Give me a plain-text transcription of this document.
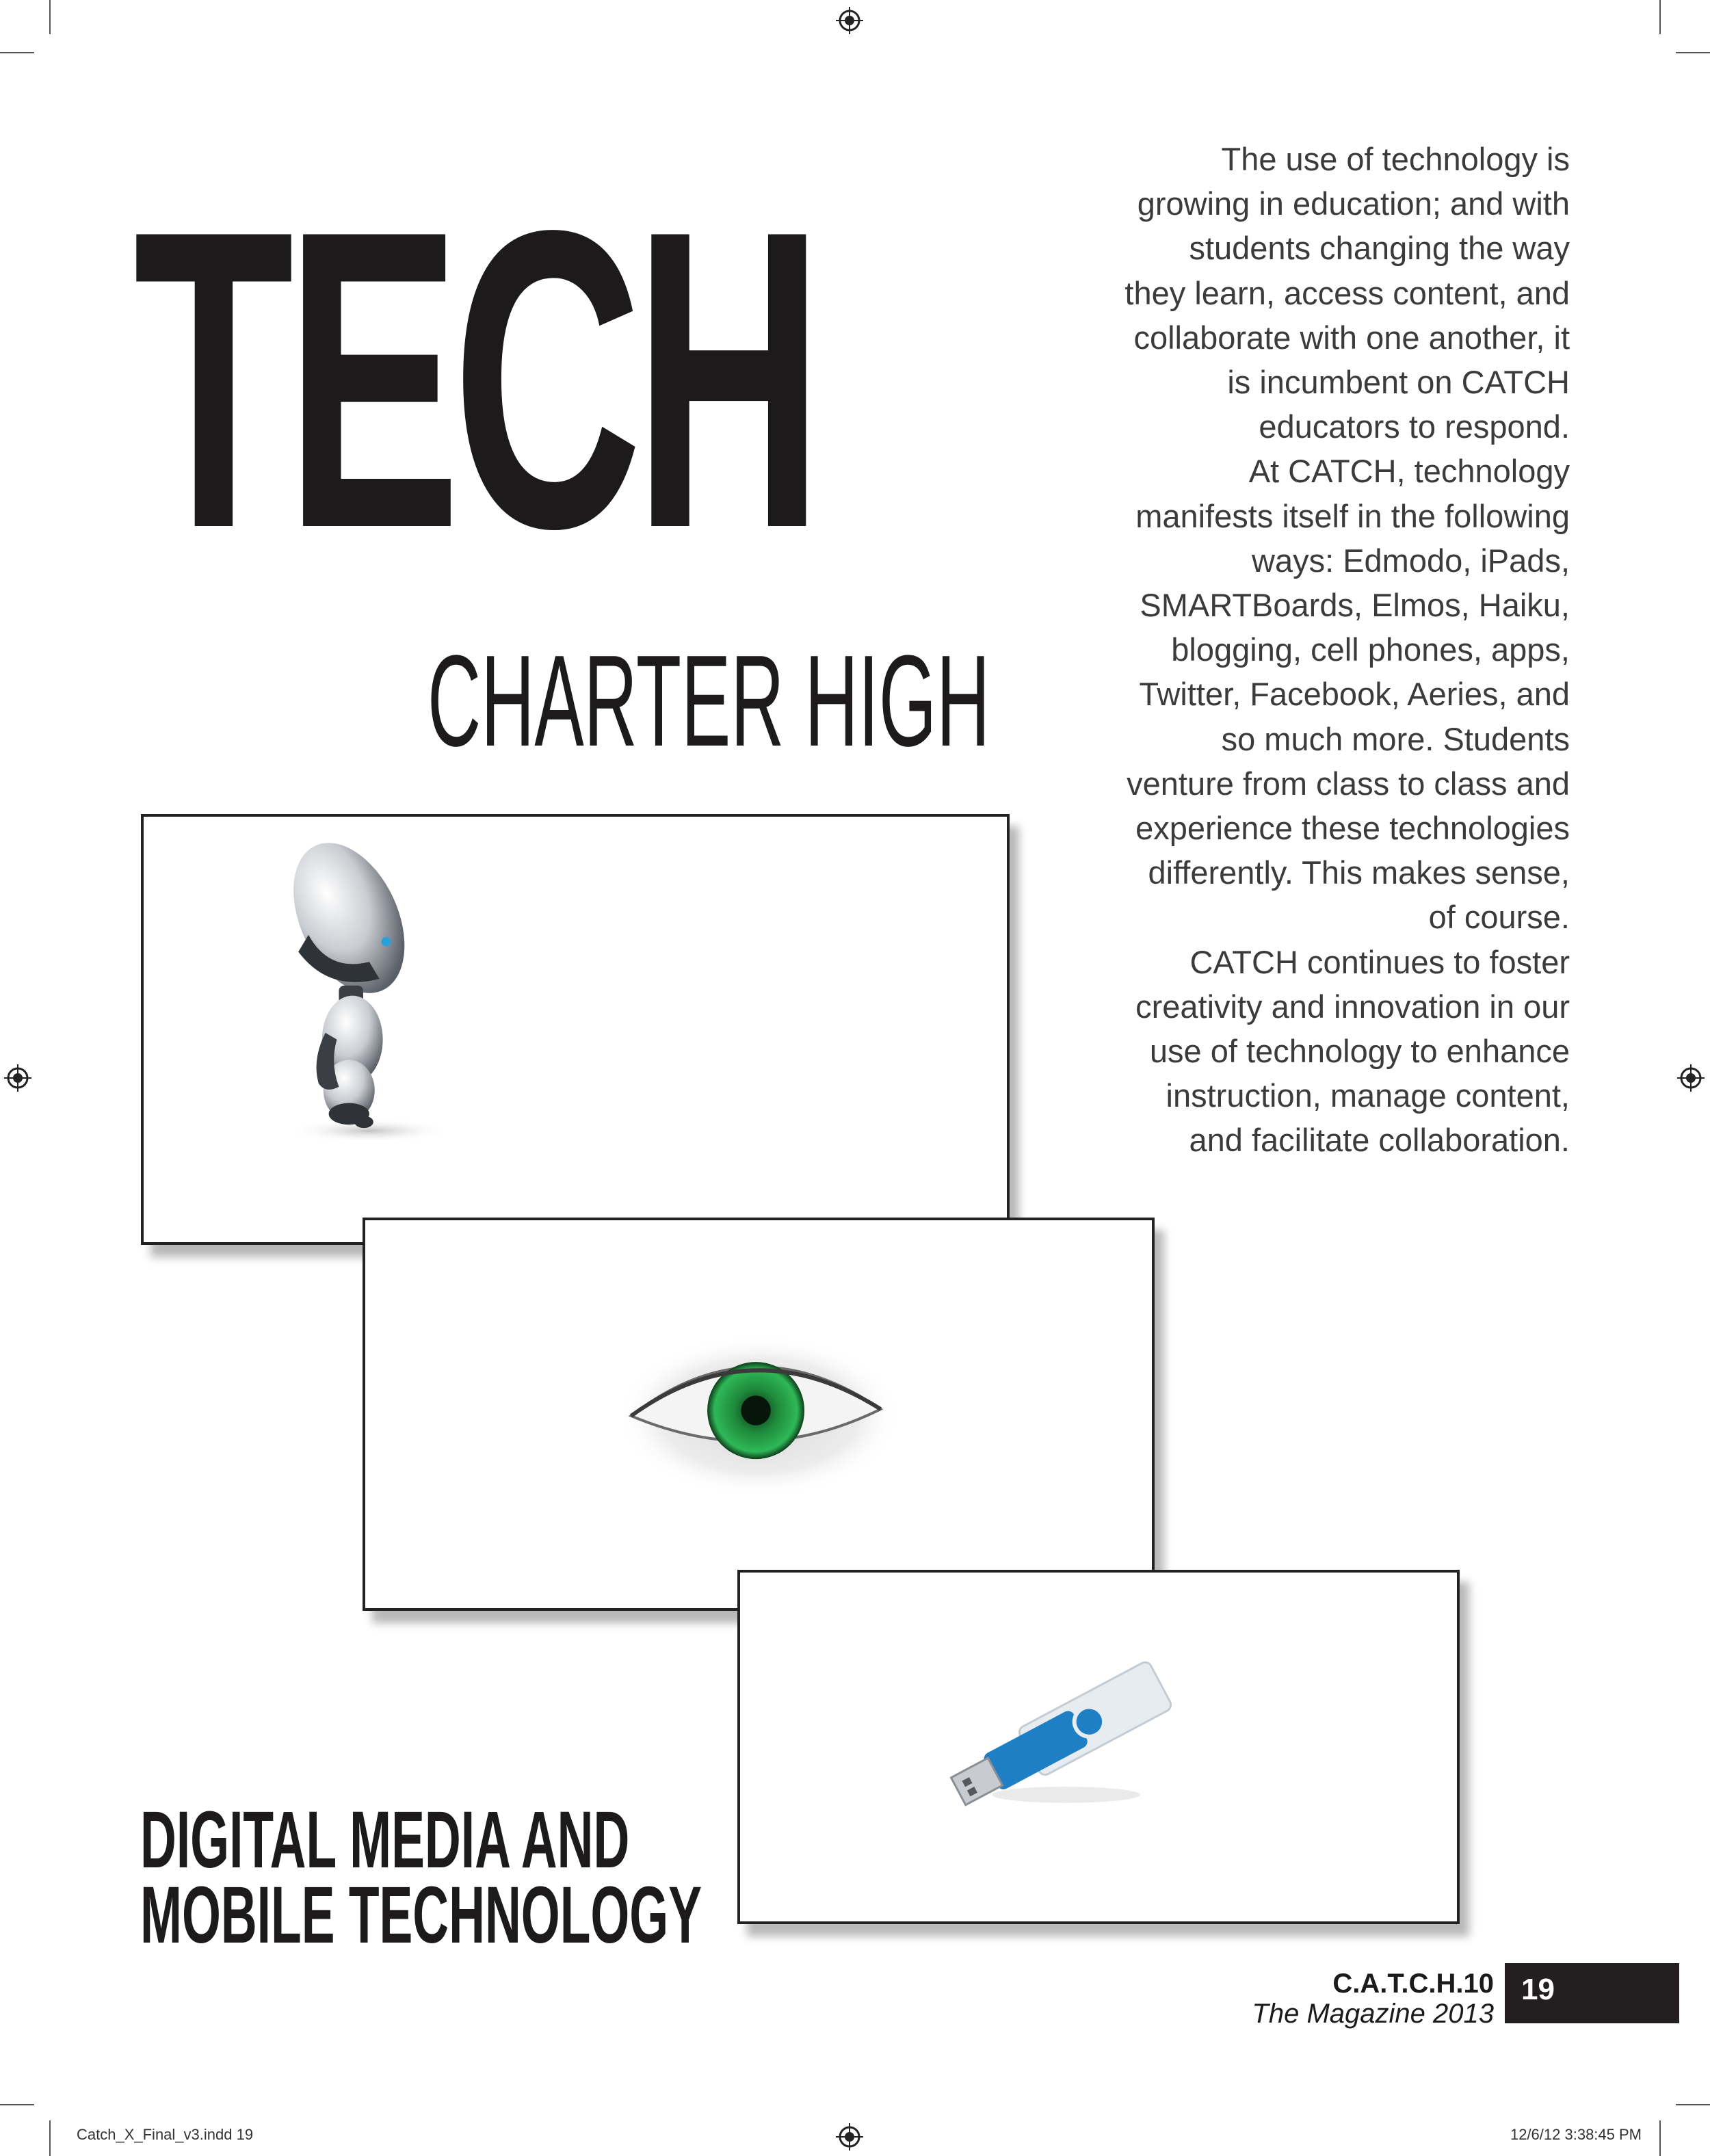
TECH
CHARTER HIGH

The use of technology is growing in education; and with students changing the way they learn, access content, and collaborate with one another, it is incumbent on CATCH educators to respond.

At CATCH, technology manifests itself in the following ways: Edmodo, iPads, SMARTBoards, Elmos, Haiku, blogging, cell phones, apps, Twitter, Facebook, Aeries, and so much more. Students venture from class to class and experience these technologies differently. This makes sense, of course.

CATCH continues to foster creativity and innovation in our use of technology to enhance instruction, manage content, and facilitate collaboration.

DIGITAL MEDIA AND
MOBILE TECHNOLOGY
C.A.T.C.H.10
The Magazine 2013
19
Catch_X_Final_v3.indd 19	12/6/12 3:38:45 PM
